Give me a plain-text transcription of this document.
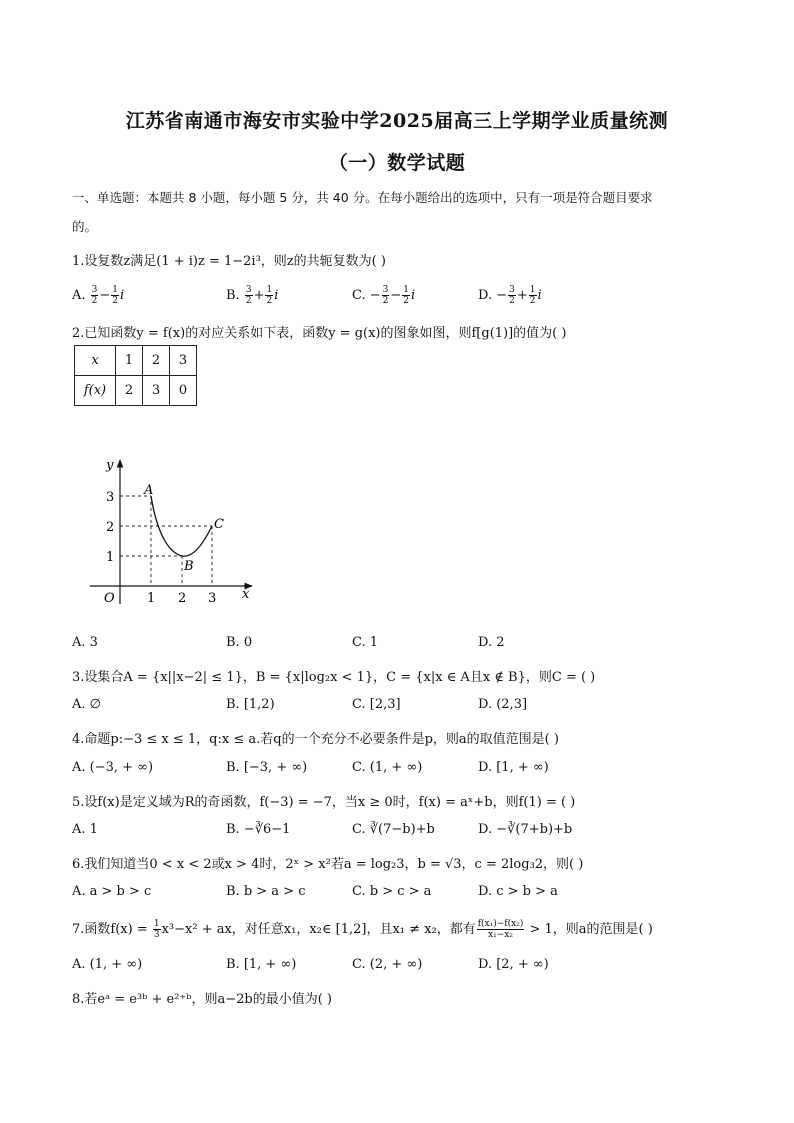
江苏省南通市海安市实验中学2025届高三上学期学业质量统测
（一）数学试题
一、单选题：本题共 8 小题，每小题 5 分，共 40 分。在每小题给出的选项中，只有一项是符合题目要求
的。
1.设复数z满足(1 + i)z = 1−2i³，则z的共轭复数为( )
A. $\frac{3}{2} - \frac{1}{2}$ i	B. $\frac{3}{2} + \frac{1}{2}$ i	C. − $\frac{3}{2} - \frac{1}{2}$ i	D. − $\frac{3}{2} + \frac{1}{2}$ i
2.已知函数y = f(x)的对应关系如下表，函数y = g(x)的图象如图，则f[g(1)]的值为( )
x	1	2	3
f(x)	2	3	0
y
x
O 1 2 3
1
2
3 A
B
C
A. 3	B. 0	C. 1	D. 2
3.设集合A = {x||x−2| ≤ 1}，B = {x|log₂x < 1}，C = {x|x ∈ A且x ∉ B}，则C = ( )
A. ∅	B. [1,2)	C. [2,3]	D. (2,3]
4.命题p:−3 ≤ x ≤ 1，q:x ≤ a.若q的一个充分不必要条件是p，则a的取值范围是( )
A. (−3, + ∞)	B. [−3, + ∞)	C. (1, + ∞)	D. [1, + ∞)
5.设f(x)是定义域为R的奇函数，f(−3) = −7，当x ≥ 0时，f(x) = aˣ+b，则f(1) = ( )
A. 1	B. −∛6−1	C. ∛(7−b)+b	D. −∛(7+b)+b
6.我们知道当0 < x < 2或x > 4时，2ˣ > x²若a = log₂3，b = √3，c = 2log₃2，则( )
A. a > b > c	B. b > a > c	C. b > c > a	D. c > b > a
7.函数$f(x) = \frac{1}{3} x^3-x^2$ + ax，对任意x₁，x₂∈ [1,2]，且x₁ ≠ x₂，都有 $\frac{\text{f(x₁)−f(x₂)}}{\text{x₁−x₂}} > 1$，则a的范围是( )
A. (1, + ∞)	B. [1, + ∞)	C. (2, + ∞)	D. [2, + ∞)
8.若eᵃ = e³ᵇ + e²⁺ᵇ，则a−2b的最小值为( )
